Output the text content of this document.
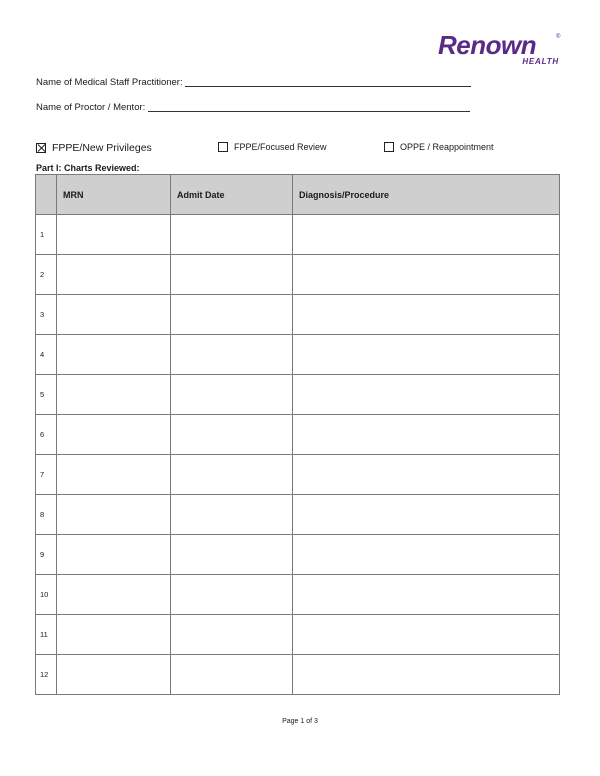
Renown	®
HEALTH
Name of Medical Staff Practitioner:
Name of Proctor / Mentor:
FPPE/New Privileges	FPPE/Focused Review	OPPE / Reappointment
Part I: Charts Reviewed:
	MRN	Admit Date	Diagnosis/Procedure
1			
2			
3			
4			
5			
6			
7			
8			
9			
10			
11			
12			
Page 1 of 3
